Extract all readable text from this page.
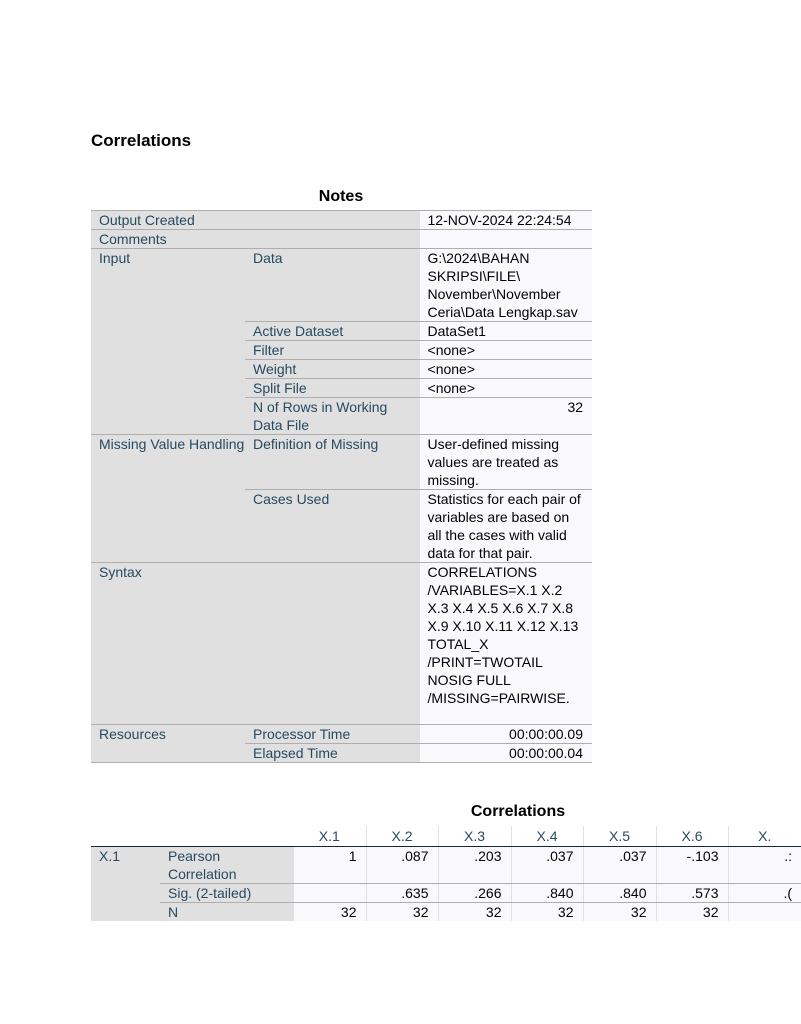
Correlations
Notes
Output Created		12-NOV-2024 22:24:54
Comments		
Input	Data	G:\2024\BAHAN SKRIPSI\FILE\ November\November Ceria\Data Lengkap.sav
	Active Dataset	DataSet1
	Filter	<none>
	Weight	<none>
	Split File	<none>
	N of Rows in Working Data File	32
Missing Value Handling	Definition of Missing	User-defined missing values are treated as missing.
	Cases Used	Statistics for each pair of variables are based on all the cases with valid data for that pair.
Syntax		CORRELATIONS /VARIABLES=X.1 X.2 X.3 X.4 X.5 X.6 X.7 X.8 X.9 X.10 X.11 X.12 X.13 TOTAL_X /PRINT=TWOTAIL NOSIG FULL /MISSING=PAIRWISE.
Resources	Processor Time	00:00:00.09
	Elapsed Time	00:00:00.04
Correlations
		X.1	X.2	X.3	X.4	X.5	X.6	X.
X.1	Pearson Correlation	1	.087	.203	.037	.037	-.103	.:
	Sig. (2-tailed)		.635	.266	.840	.840	.573	.(
	N	32	32	32	32	32	32	
